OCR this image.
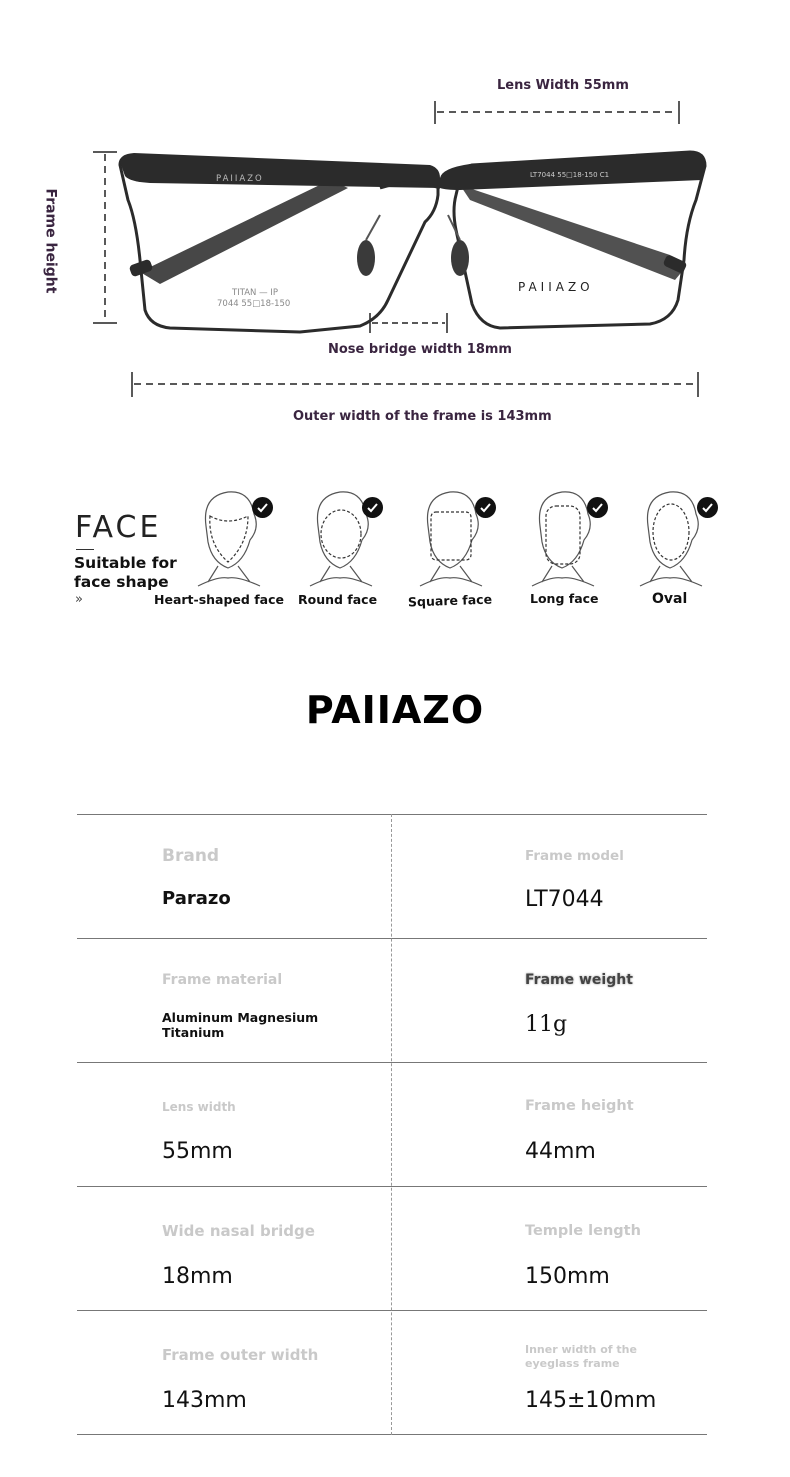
PAIIAZO
TITAN — IP
7044 55□18-150
LT7044 55□18-150 C1
PAIIAZO
Lens Width 55mm
Frame height
Nose bridge width 18mm
Outer width of the frame is 143mm
FACE
Suitable for
face shape
»	Heart-shaped face Round face Square face	Long face	Oval
PAIIAZO
Brand
Parazo
Frame model
LT7044
Frame material
Aluminum Magnesium Titanium
Frame weight
11g
Lens width
55mm
Frame height
44mm
Wide nasal bridge
18mm
Temple length
150mm
Frame outer width
143mm
Inner width of the eyeglass frame
145±10mm
